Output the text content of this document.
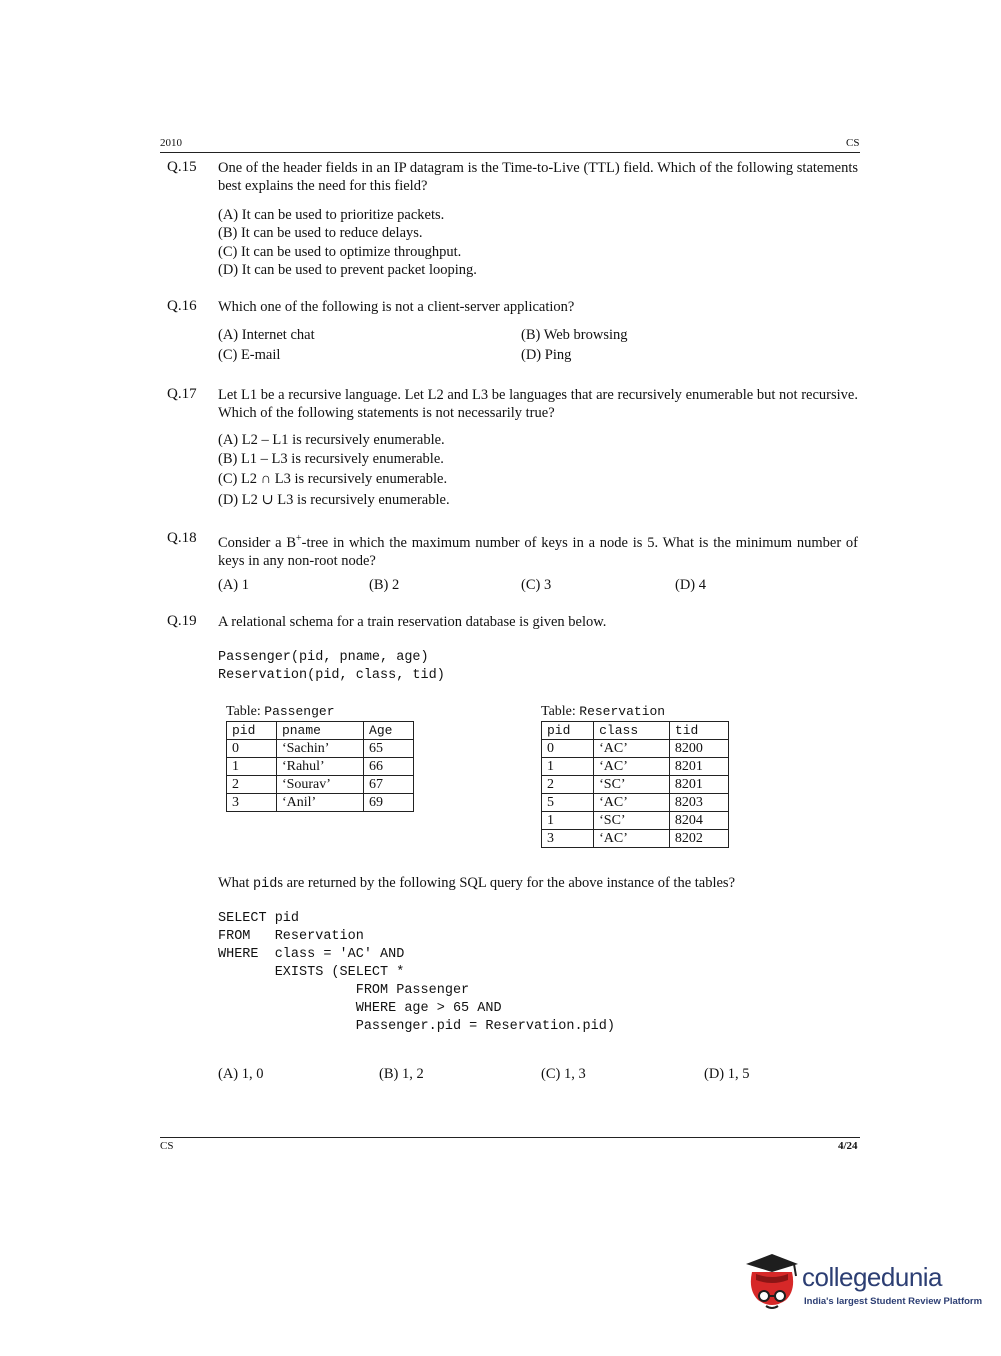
2010	CS
Q.15 One of the header fields in an IP datagram is the Time-to-Live (TTL) field. Which of the following statements best explains the need for this field?
(A) It can be used to prioritize packets.
(B) It can be used to reduce delays.
(C) It can be used to optimize throughput.
(D) It can be used to prevent packet looping.
Q.16 Which one of the following is not a client-server application?
(A) Internet chat	(B) Web browsing
(C) E-mail	(D) Ping
Q.17 Let L1 be a recursive language. Let L2 and L3 be languages that are recursively enumerable but not recursive. Which of the following statements is not necessarily true?
(A) L2 – L1 is recursively enumerable.
(B) L1 – L3 is recursively enumerable.
(C) L2 ∩ L3 is recursively enumerable.
(D) L2 ∪ L3 is recursively enumerable.
Q.18 Consider a B+-tree in which the maximum number of keys in a node is 5. What is the minimum number of keys in any non-root node?
(A) 1	(B) 2	(C) 3	(D) 4
Q.19 A relational schema for a train reservation database is given below.
Passenger(pid, pname, age)
Reservation(pid, class, tid)
Table: Passenger
pid	pname	Age
0	‘Sachin’	65
1	‘Rahul’	66
2	‘Sourav’	67
3	‘Anil’	69
Table: Reservation
pid	class	tid
0	‘AC’	8200
1	‘AC’	8201
2	‘SC’	8201
5	‘AC’	8203
1	‘SC’	8204
3	‘AC’	8202
What pids are returned by the following SQL query for the above instance of the tables?
SELECT pid
FROM   Reservation
WHERE  class = 'AC' AND
EXISTS (SELECT *
FROM Passenger
WHERE age > 65 AND
Passenger.pid = Reservation.pid)
(A) 1, 0	(B) 1, 2	(C) 1, 3	(D) 1, 5
CS	4/24
collegedunia
India's largest Student Review Platform
